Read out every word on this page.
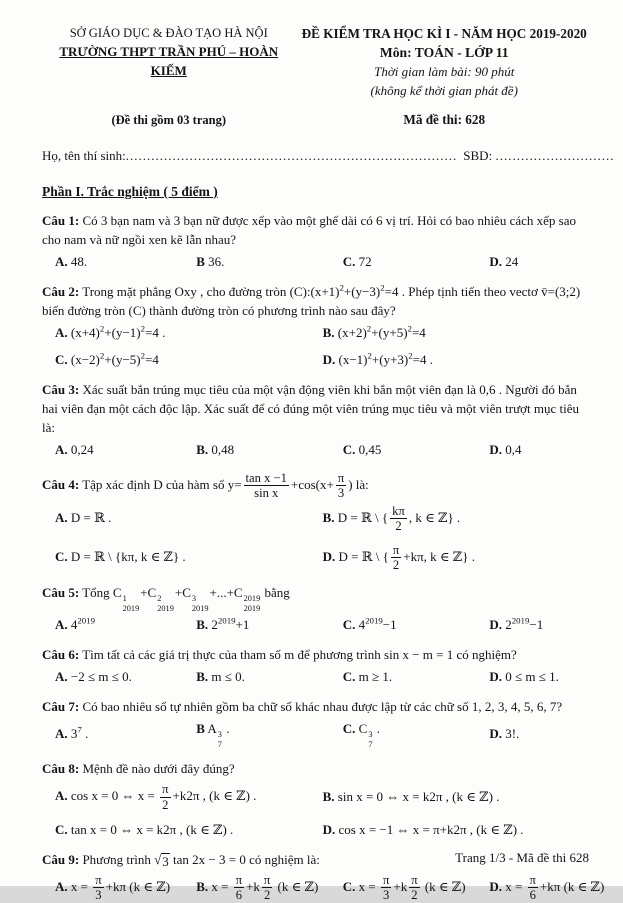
SỞ GIÁO DỤC & ĐÀO TẠO HÀ NỘI
TRƯỜNG THPT TRẦN PHÚ – HOÀN KIẾM
(Đề thi gồm 03 trang)
ĐỀ KIỂM TRA HỌC KÌ I - NĂM HỌC 2019-2020
Môn: TOÁN - LỚP 11
Thời gian làm bài: 90 phút
(không kể thời gian phát đề)
Mã đề thi: 628
Họ, tên thí sinh:.............................................................................. SBD: ............................
Phần I. Trắc nghiệm ( 5 điểm )

Câu 1: Có 3 bạn nam và 3 bạn nữ được xếp vào một ghế dài có 6 vị trí. Hỏi có bao nhiêu cách xếp sao cho nam và nữ ngồi xen kẽ lẫn nhau?

A. 48.	B 36.	C. 72	D. 24

Câu 2: Trong mặt phẳng Oxy , cho đường tròn $(C):(x+1)^2+(y-3)^2=4$ . Phép tịnh tiến theo vectơ v̄=(3;2) biến đường tròn (C) thành đường tròn có phương trình nào sau đây?

A. $(x+4)^2+(y-1)^2=4$ .	B. $(x+2)^2+(y+5)^2=4$
C. $(x-2)^2+(y-5)^2=4$	D. $(x-1)^2+(y+3)^2=4$ .

Câu 3: Xác suất bắn trúng mục tiêu của một vận động viên khi bắn một viên đạn là 0,6 . Người đó bắn hai viên đạn một cách độc lập. Xác suất để có đúng một viên trúng mục tiêu và một viên trượt mục tiêu là:

A. 0,24	B. 0,48	C. 0,45	D. 0,4

Câu 4: Tập xác định D của hàm số $y= \frac{\text{tan x −1}}{\text{sin x}} +\cos(x+ \frac{\pi}{3}$ ) là:

A. D = ℝ .	B. D = ℝ \ { $\frac{k\pi}{2}$ , k ∈ ℤ} .
C. D = ℝ \ {kπ, k ∈ ℤ} .	D. D = ℝ \ { $\frac{\pi}{2} +k\pi$, k ∈ ℤ} .

Câu 5: Tổng C 1
2019
+C 2
2019
+C 3
2019
+...+C 2019
2019
bằng

A. $4^{2019}$	B. $2^{2019}+1$	C. $4^{2019}-1$	D. $2^{2019}-1$

Câu 6: Tìm tất cả các giá trị thực của tham số m để phương trình sin x − m = 1 có nghiệm?

A. −2 ≤ m ≤ 0.	B. m ≤ 0.	C. m ≥ 1.	D. 0 ≤ m ≤ 1.

Câu 7: Có bao nhiêu số tự nhiên gồm ba chữ số khác nhau được lập từ các chữ số 1, 2, 3, 4, 5, 6, 7?

A. $3^7$ .	B A 3
7
.	C. C 3
7
.	D. 3!.

Câu 8: Mệnh đề nào dưới đây đúng?

A. cos x = 0 ⇔ $x = \frac{\pi}{2} +k2\pi$ , (k ∈ ℤ) .	B. sin x = 0 ⇔ x = k2π , (k ∈ ℤ) .
C. tan x = 0 ⇔ x = k2π , (k ∈ ℤ) .	D. cos x = −1 ⇔ x = π+k2π , (k ∈ ℤ) .

Câu 9: Phương trình √ 3 tan 2x − 3 = 0 có nghiệm là:

A. $x = \frac{\pi}{3} +k\pi$ (k ∈ ℤ)	B. $x = \frac{\pi}{6} +k \frac{\pi}{2} (k$ ∈ ℤ)	C. $x = \frac{\pi}{3} +k \frac{\pi}{2} (k$ ∈ ℤ)	D. $x = \frac{\pi}{6} +k\pi$ (k ∈ ℤ)
Trang 1/3 - Mã đề thi 628
